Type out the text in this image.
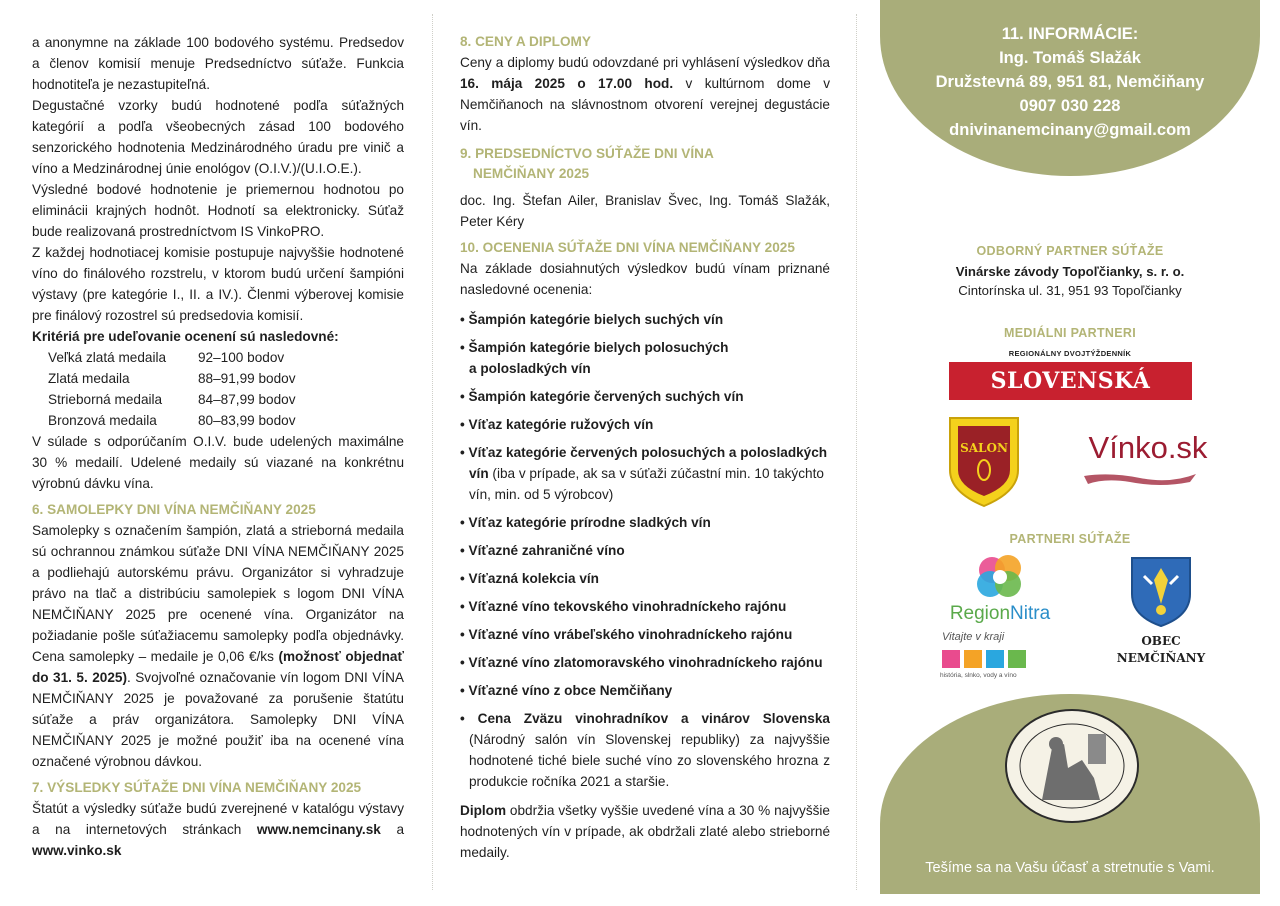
a anonymne na základe 100 bodového systému. Predsedov a členov komisií menuje Predsedníctvo súťaže. Funkcia hodnotiteľa je nezastupiteľná.

Degustačné vzorky budú hodnotené podľa súťažných kategórií a podľa všeobecných zásad 100 bodového senzorického hodnotenia Medzinárodného úradu pre vinič a víno a Medzinárodnej únie enológov (O.I.V.)/(U.I.O.E.).

Výsledné bodové hodnotenie je priemernou hodnotou po eliminácii krajných hodnôt. Hodnotí sa elektronicky. Súťaž bude realizovaná prostredníctvom IS VinkoPRO.

Z každej hodnotiacej komisie postupuje najvyššie hodnotené víno do finálového rozstrelu, v ktorom budú určení šampióni výstavy (pre kategórie I., II. a IV.). Členmi výberovej komisie pre finálový rozostrel sú predsedovia komisií.

Kritériá pre udeľovanie ocenení sú nasledovné:

Veľká zlatá medaila	92–100 bodov
Zlatá medaila	88–91,99 bodov
Strieborná medaila	84–87,99 bodov
Bronzová medaila	80–83,99 bodov

V súlade s odporúčaním O.I.V. bude udelených maximálne 30 % medailí. Udelené medaily sú viazané na konkrétnu výrobnú dávku vína.

6. SAMOLEPKY DNI VÍNA NEMČIŇANY 2025

Samolepky s označením šampión, zlatá a strieborná medaila sú ochrannou známkou súťaže DNI VÍNA NEMČIŇANY 2025 a podliehajú autorskému právu. Organizátor si vyhradzuje právo na tlač a distribúciu samolepiek s logom DNI VÍNA NEMČIŇANY 2025 pre ocenené vína. Organizátor na požiadanie pošle súťažiacemu samolepky podľa objednávky. Cena samolepky – medaile je 0,06 €/ks (možnosť objednať do 31. 5. 2025). Svojvoľné označovanie vín logom DNI VÍNA NEMČIŇANY 2025 je považované za porušenie štatútu súťaže a práv organizátora. Samolepky DNI VÍNA NEMČIŇANY 2025 je možné použiť iba na ocenené vína označené výrobnou dávkou.

7. VÝSLEDKY SÚŤAŽE DNI VÍNA NEMČIŇANY 2025

Štatút a výsledky súťaže budú zverejnené v katalógu výstavy a na internetových stránkach www.nemcinany.sk a www.vinko.sk

8. CENY A DIPLOMY

Ceny a diplomy budú odovzdané pri vyhlásení výsledkov dňa 16. mája 2025 o 17.00 hod. v kultúrnom dome v Nemčiňanoch na slávnostnom otvorení verejnej degustácie vín.

9. PREDSEDNÍCTVO SÚŤAŽE DNI VÍNA
NEMČIŇANY 2025

doc. Ing. Štefan Ailer, Branislav Švec, Ing. Tomáš Slažák, Peter Kéry

10. OCENENIA SÚŤAŽE DNI VÍNA NEMČIŇANY 2025

Na základe dosiahnutých výsledkov budú vínam priznané nasledovné ocenenia:

• Šampión kategórie bielych suchých vín
• Šampión kategórie bielych polosuchých
a polosladkých vín
• Šampión kategórie červených suchých vín
• Víťaz kategórie ružových vín
• Víťaz kategórie červených polosuchých a polosladkých vín (iba v prípade, ak sa v súťaži zúčastní min. 10 takýchto vín, min. od 5 výrobcov)
• Víťaz kategórie prírodne sladkých vín
• Víťazné zahraničné víno
• Víťazná kolekcia vín
• Víťazné víno tekovského vinohradníckeho rajónu
• Víťazné víno vrábeľského vinohradníckeho rajónu
• Víťazné víno zlatomoravského vinohradníckeho rajónu
• Víťazné víno z obce Nemčiňany
• Cena Zväzu vinohradníkov a vinárov Slovenska (Národný salón vín Slovenskej republiky) za najvyššie hodnotené tiché biele suché víno zo slovenského hrozna z produkcie ročníka 2021 a staršie.

Diplom obdržia všetky vyššie uvedené vína a 30 % najvyššie hodnotených vín v prípade, ak obdržali zlaté alebo strieborné medaily.

11. INFORMÁCIE:
Ing. Tomáš Slažák
Družstevná 89, 951 81, Nemčiňany
0907 030 228
dnivinanemcinany@gmail.com
ODBORNÝ PARTNER SÚŤAŽE
Vinárske závody Topoľčianky, s. r. o.
Cintorínska ul. 31, 951 93 Topoľčianky
MEDIÁLNI PARTNERI
REGIONÁLNY DVOJTÝŽDENNÍK
SLOVENSKÁ BRÁNA
SALON	Vínko.sk
PARTNERI SÚŤAŽE
RegionNitra
Vitajte v kraji
história, slnko, vody a víno
OBEC
NEMČIŇANY
Tešíme sa na Vašu účasť a stretnutie s Vami.
